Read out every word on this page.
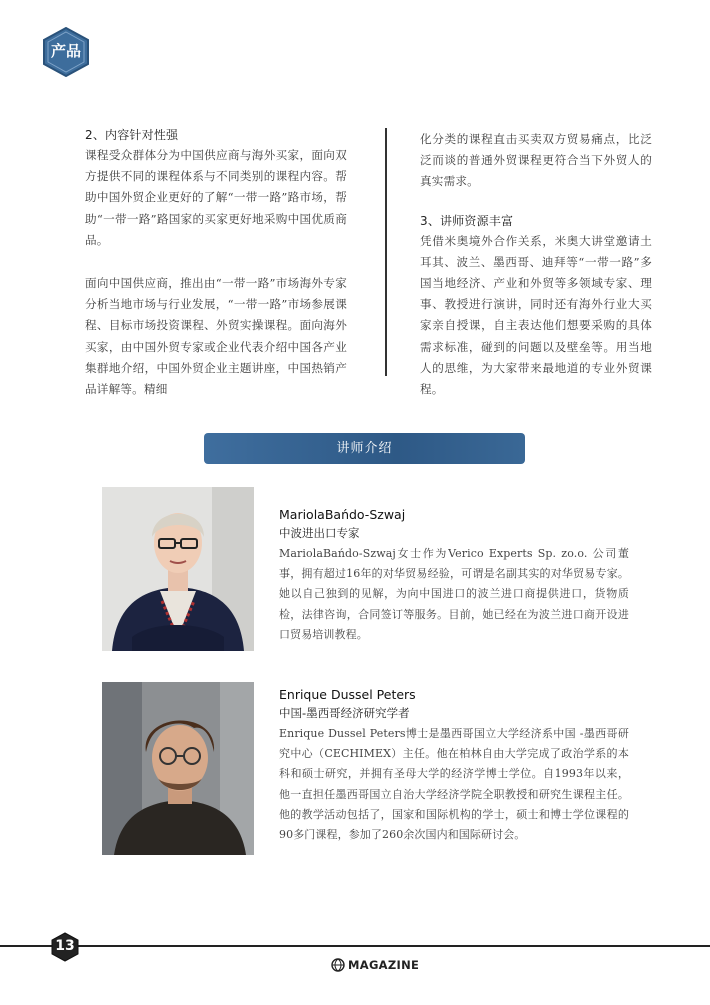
产品
2、内容针对性强
课程受众群体分为中国供应商与海外买家，面向双方提供不同的课程体系与不同类别的课程内容。帮助中国外贸企业更好的了解“一带一路”路市场，帮助“一带一路”路国家的买家更好地采购中国优质商品。
面向中国供应商，推出由“一带一路”市场海外专家分析当地市场与行业发展，“一带一路”市场参展课程、目标市场投资课程、外贸实操课程。面向海外买家，由中国外贸专家或企业代表介绍中国各产业集群地介绍，中国外贸企业主题讲座，中国热销产品详解等。精细
化分类的课程直击买卖双方贸易痛点，比泛泛而谈的普通外贸课程更符合当下外贸人的真实需求。
3、讲师资源丰富
凭借米奥境外合作关系，米奥大讲堂邀请土耳其、波兰、墨西哥、迪拜等“一带一路”多国当地经济、产业和外贸等多领域专家、理事、教授进行演讲，同时还有海外行业大买家亲自授课，自主表达他们想要采购的具体需求标准，碰到的问题以及壁垒等。用当地人的思维，为大家带来最地道的专业外贸课程。
讲师介绍
MariolaBańdo-Szwaj
中波进出口专家
MariolaBańdo-Szwaj女士作为Verico Experts Sp. zo.o. 公司董事，拥有超过16年的对华贸易经验，可谓是名副其实的对华贸易专家。她以自己独到的见解，为向中国进口的波兰进口商提供进口，货物质检，法律咨询，合同签订等服务。目前，她已经在为波兰进口商开设进口贸易培训教程。
Enrique Dussel Peters
中国-墨西哥经济研究学者
Enrique Dussel Peters博士是墨西哥国立大学经济系中国 -墨西哥研究中心（CECHIMEX）主任。他在柏林自由大学完成了政治学系的本科和硕士研究，并拥有圣母大学的经济学博士学位。自1993年以来，他一直担任墨西哥国立自治大学经济学院全职教授和研究生课程主任。他的教学活动包括了，国家和国际机构的学士，硕士和博士学位课程的90多门课程，参加了260余次国内和国际研讨会。
13
MAGAZINE
